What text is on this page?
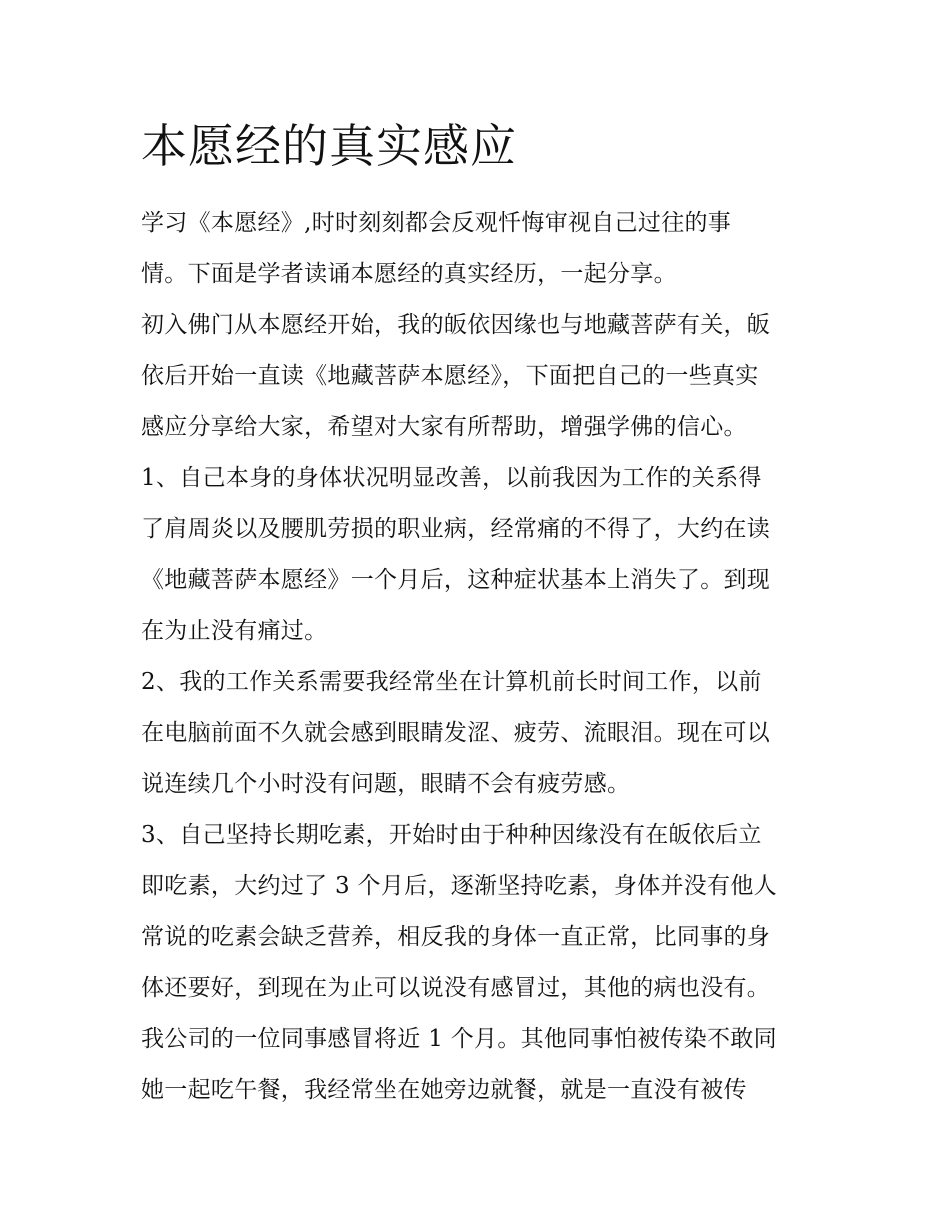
本愿经的真实感应
学习《本愿经》,时时刻刻都会反观忏悔审视自己过往的事
情。下面是学者读诵本愿经的真实经历，一起分享。
初入佛门从本愿经开始，我的皈依因缘也与地藏菩萨有关，皈
依后开始一直读《地藏菩萨本愿经》，下面把自己的一些真实
感应分享给大家，希望对大家有所帮助，增强学佛的信心。
1、自己本身的身体状况明显改善，以前我因为工作的关系得
了肩周炎以及腰肌劳损的职业病，经常痛的不得了，大约在读
《地藏菩萨本愿经》一个月后，这种症状基本上消失了。到现
在为止没有痛过。
2、我的工作关系需要我经常坐在计算机前长时间工作，以前
在电脑前面不久就会感到眼睛发涩、疲劳、流眼泪。现在可以
说连续几个小时没有问题，眼睛不会有疲劳感。
3、自己坚持长期吃素，开始时由于种种因缘没有在皈依后立
即吃素，大约过了 3 个月后，逐渐坚持吃素，身体并没有他人
常说的吃素会缺乏营养，相反我的身体一直正常，比同事的身
体还要好，到现在为止可以说没有感冒过，其他的病也没有。
我公司的一位同事感冒将近 1 个月。其他同事怕被传染不敢同
她一起吃午餐，我经常坐在她旁边就餐，就是一直没有被传
